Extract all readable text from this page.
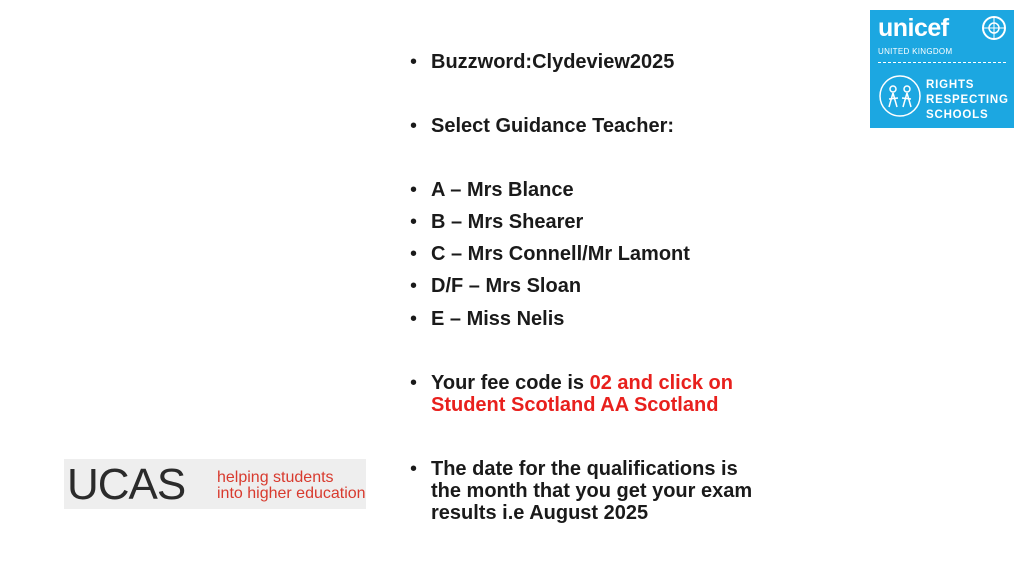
• Buzzword:Clydeview2025
• Select Guidance Teacher:
• A – Mrs Blance
• B – Mrs Shearer
• C – Mrs Connell/Mr Lamont
• D/F – Mrs Sloan
• E – Miss Nelis
• Your fee code is 02 and click on
Student Scotland AA Scotland
• The date for the qualifications is
the month that you get your exam
results i.e August 2025
unicef
UNITED KINGDOM
RIGHTS
RESPECTING
SCHOOLS
UCAS helping students
into higher education
